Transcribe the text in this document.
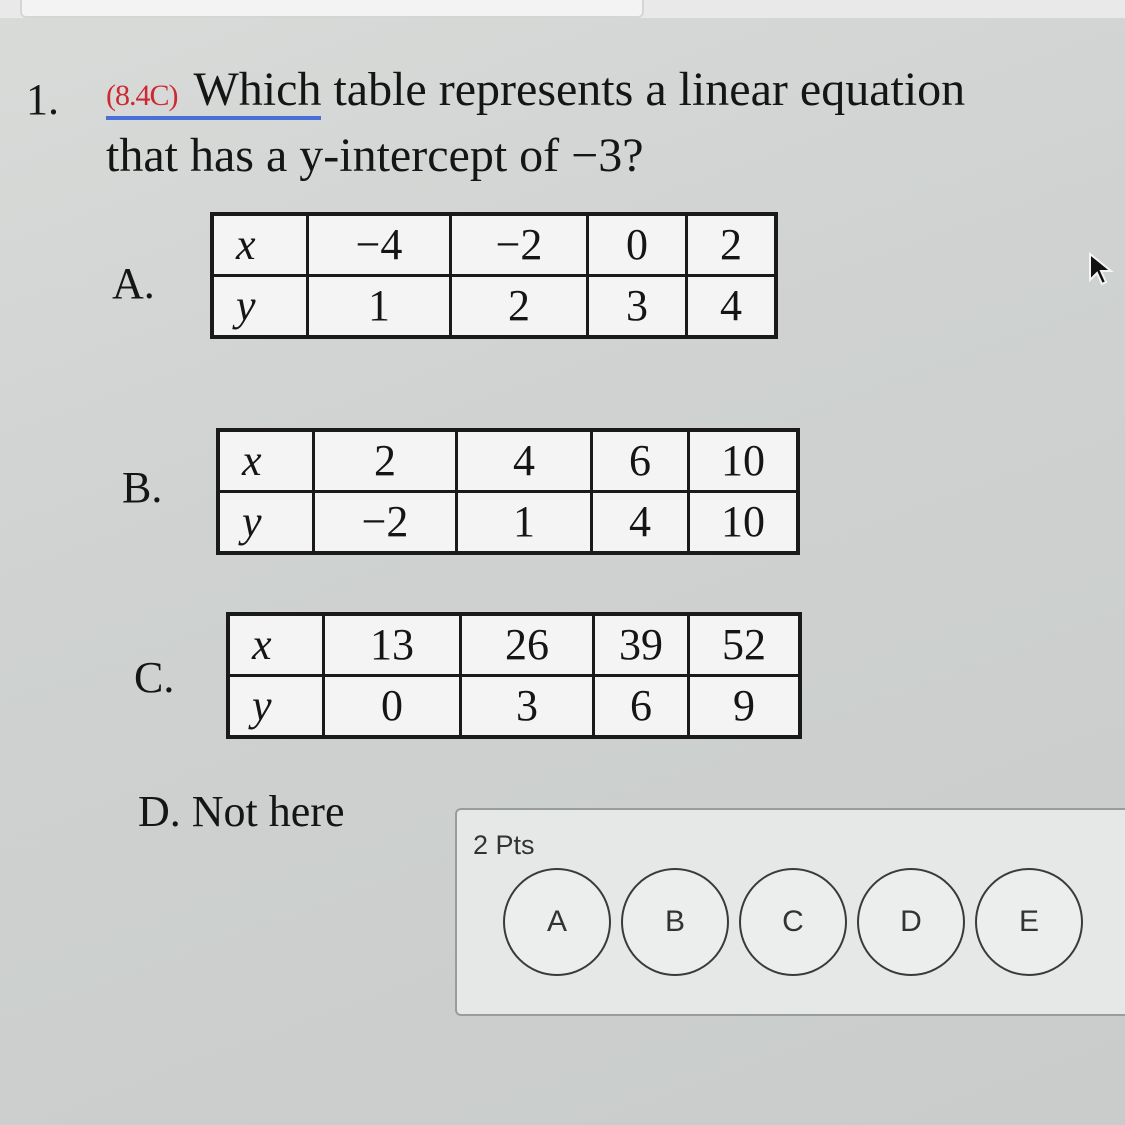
1. (8.4C) Which table represents a linear equation
that has a y-intercept of −3?
A.
x	−4	−2	0	2
y	1	2	3	4
B.
x	2	4	6	10
y	−2	1	4	10
C.
x	13	26	39	52
y	0	3	6	9
D. Not here
2 Pts
A	B	C	D	E
